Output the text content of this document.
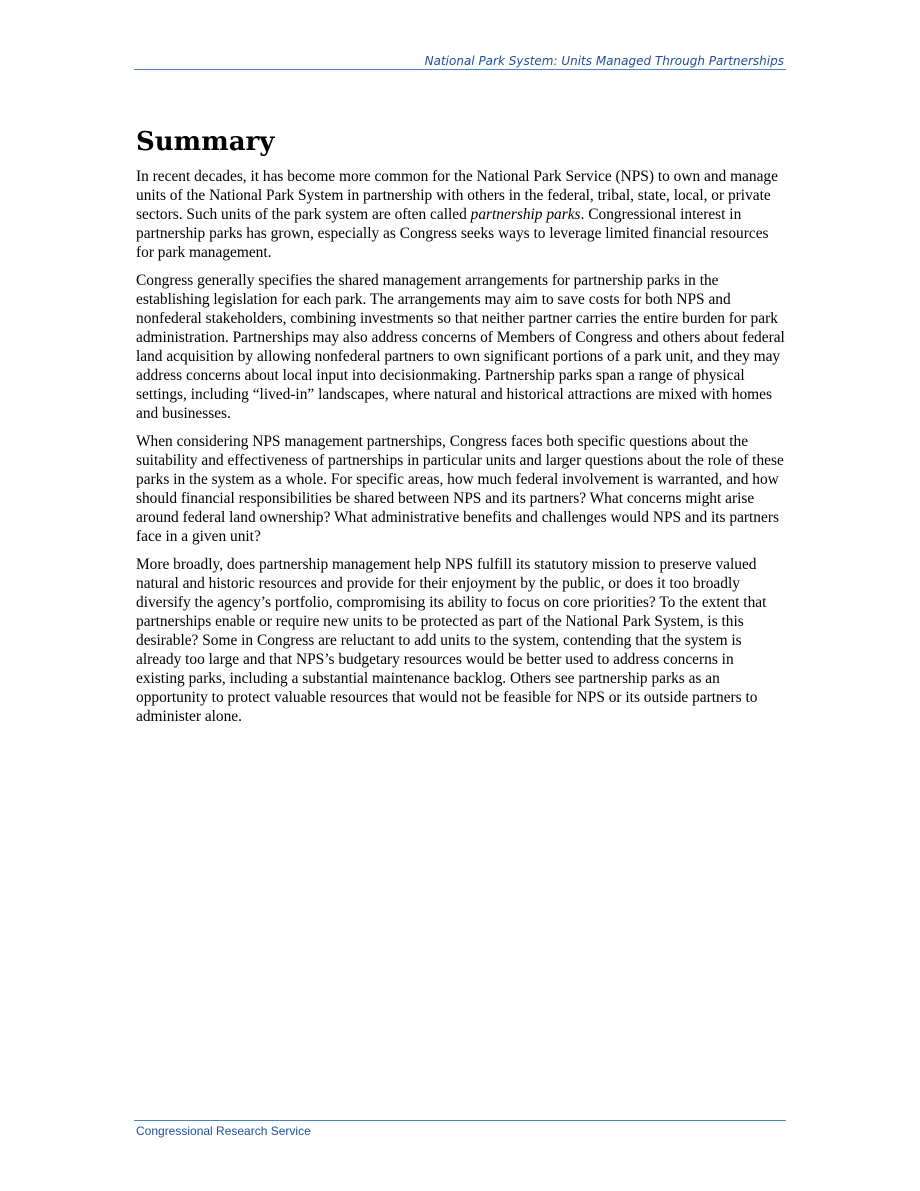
National Park System: Units Managed Through Partnerships
Summary

In recent decades, it has become more common for the National Park Service (NPS) to own and manage units of the National Park System in partnership with others in the federal, tribal, state, local, or private sectors. Such units of the park system are often called partnership parks. Congressional interest in partnership parks has grown, especially as Congress seeks ways to leverage limited financial resources for park management.

Congress generally specifies the shared management arrangements for partnership parks in the establishing legislation for each park. The arrangements may aim to save costs for both NPS and nonfederal stakeholders, combining investments so that neither partner carries the entire burden for park administration. Partnerships may also address concerns of Members of Congress and others about federal land acquisition by allowing nonfederal partners to own significant portions of a park unit, and they may address concerns about local input into decisionmaking. Partnership parks span a range of physical settings, including “lived-in” landscapes, where natural and historical attractions are mixed with homes and businesses.

When considering NPS management partnerships, Congress faces both specific questions about the suitability and effectiveness of partnerships in particular units and larger questions about the role of these parks in the system as a whole. For specific areas, how much federal involvement is warranted, and how should financial responsibilities be shared between NPS and its partners? What concerns might arise around federal land ownership? What administrative benefits and challenges would NPS and its partners face in a given unit?

More broadly, does partnership management help NPS fulfill its statutory mission to preserve valued natural and historic resources and provide for their enjoyment by the public, or does it too broadly diversify the agency’s portfolio, compromising its ability to focus on core priorities? To the extent that partnerships enable or require new units to be protected as part of the National Park System, is this desirable? Some in Congress are reluctant to add units to the system, contending that the system is already too large and that NPS’s budgetary resources would be better used to address concerns in existing parks, including a substantial maintenance backlog. Others see partnership parks as an opportunity to protect valuable resources that would not be feasible for NPS or its outside partners to administer alone.

Congressional Research Service
